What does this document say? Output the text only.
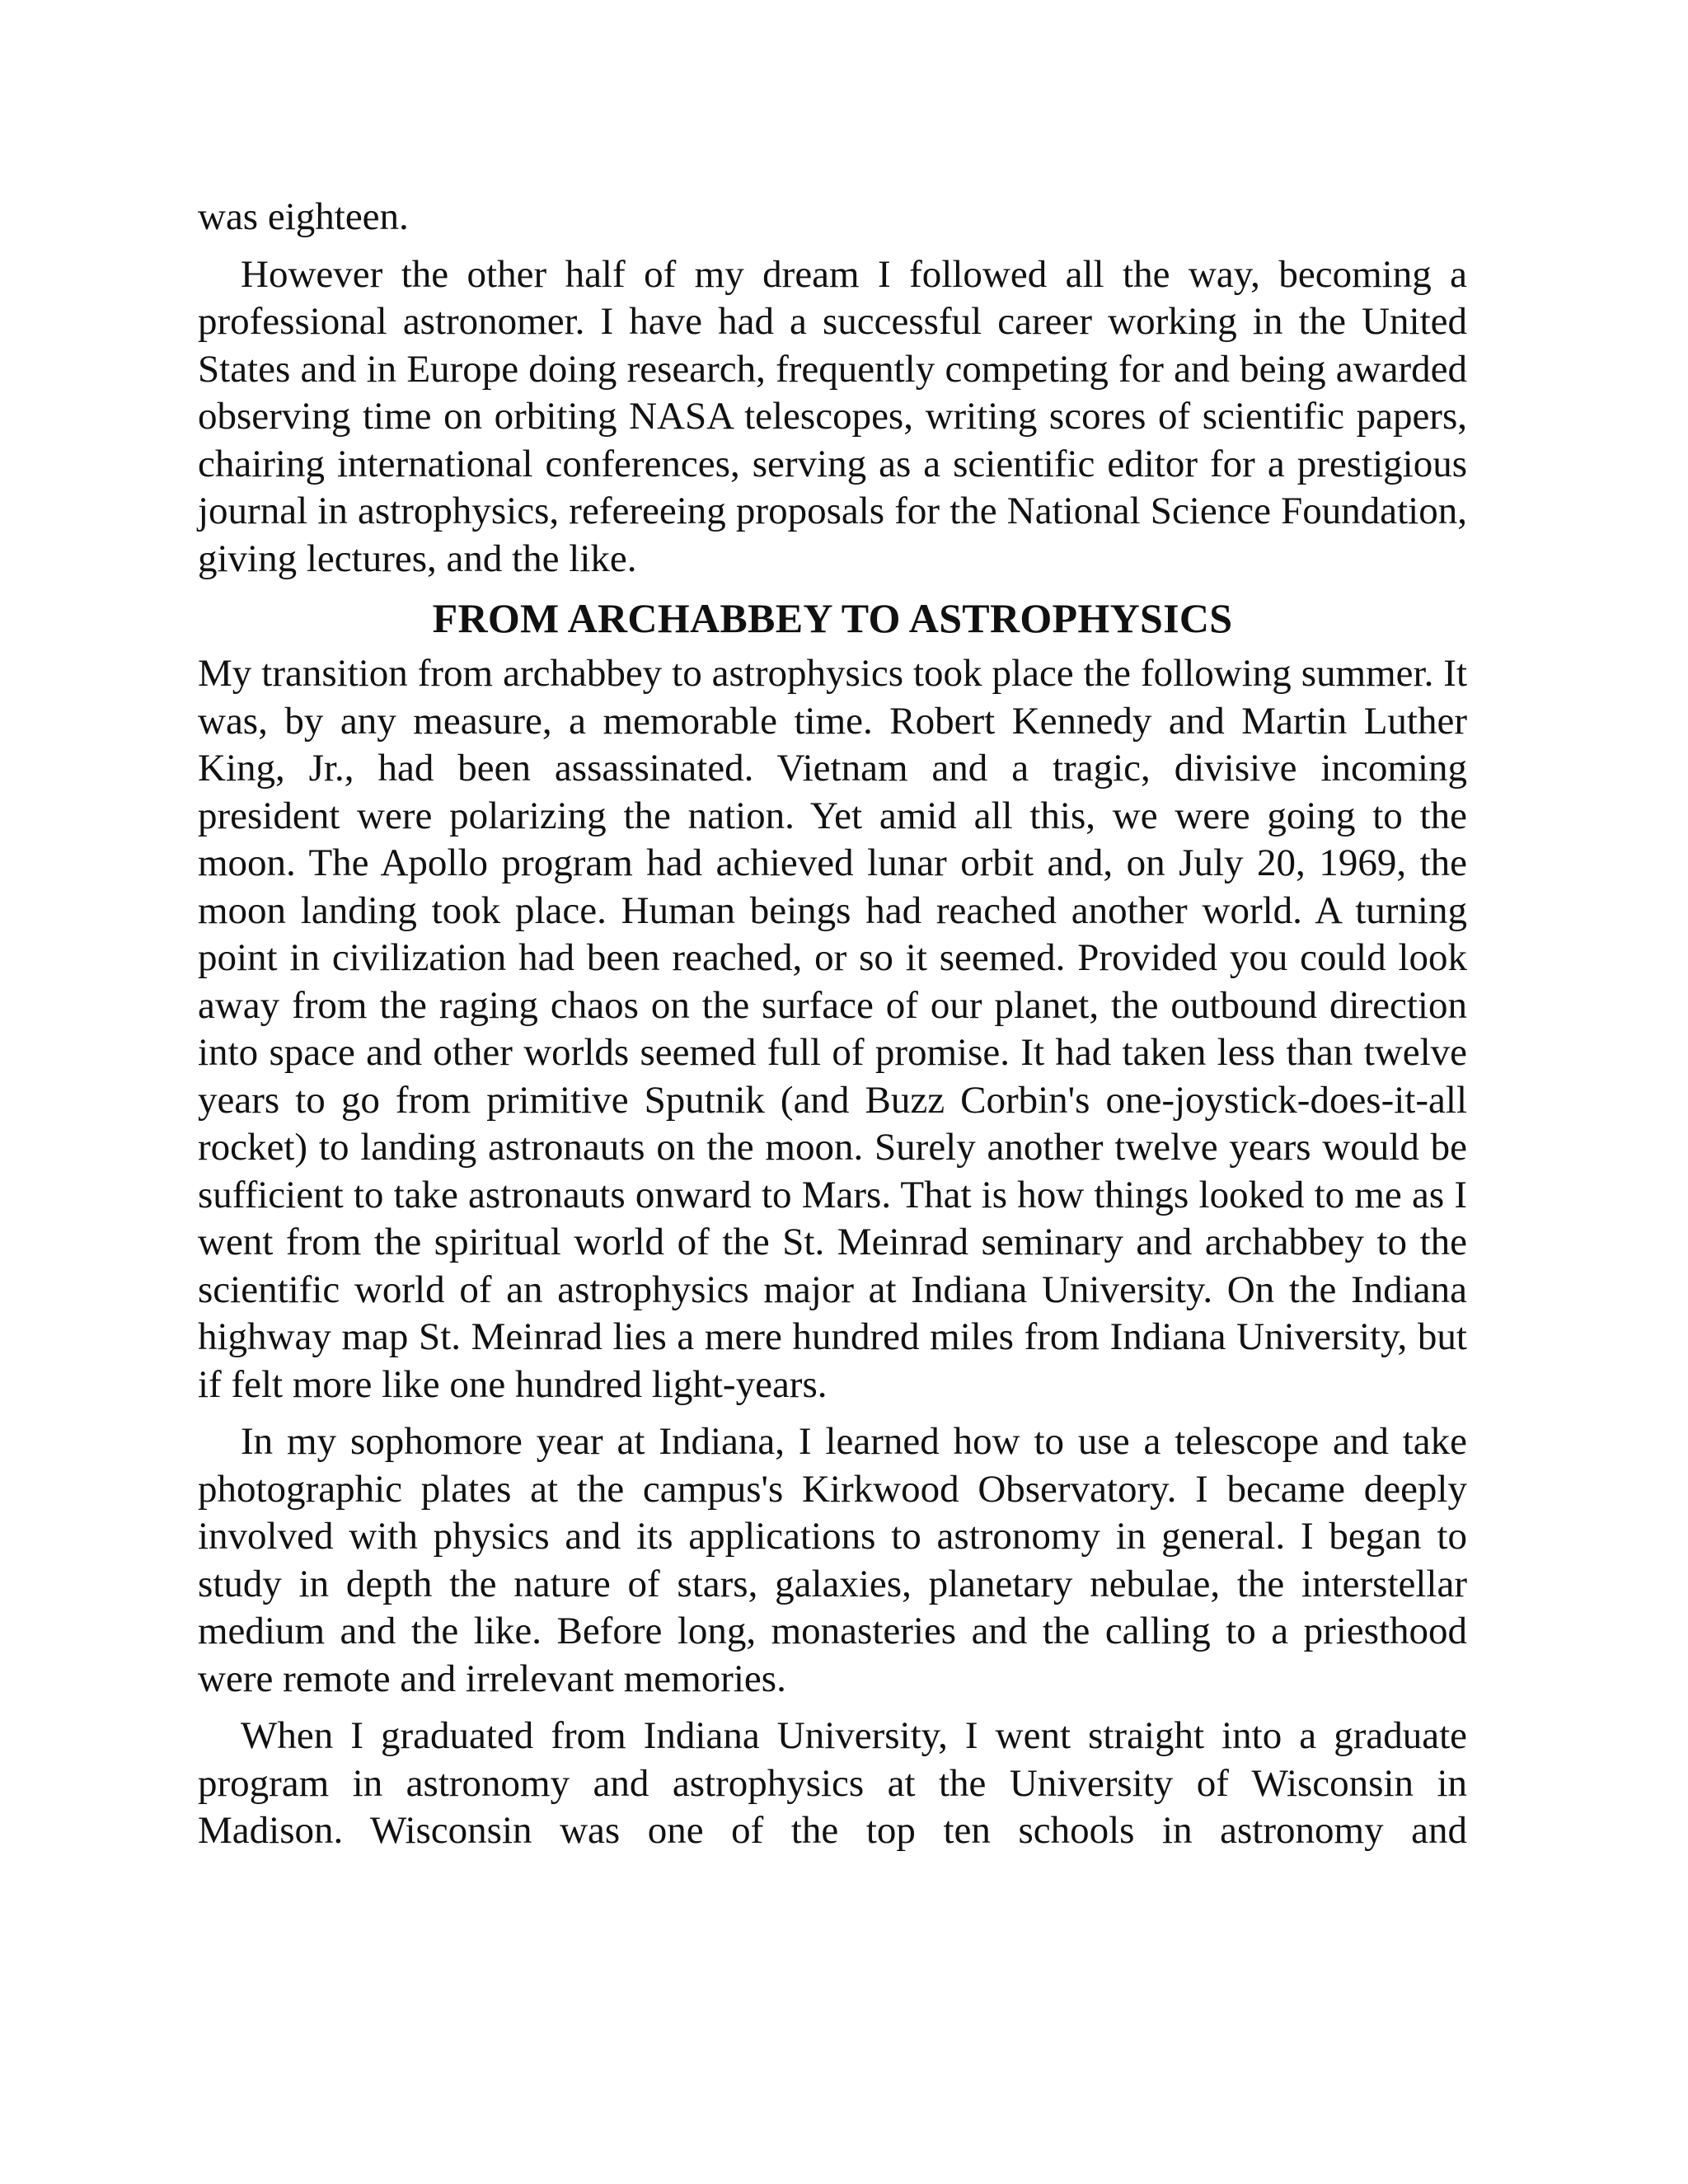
was eighteen.

However the other half of my dream I followed all the way, becoming a professional astronomer. I have had a successful career working in the United States and in Europe doing research, frequently competing for and being awarded observing time on orbiting NASA telescopes, writing scores of scientific papers, chairing international conferences, serving as a scientific editor for a prestigious journal in astrophysics, refereeing proposals for the National Science Foundation, giving lectures, and the like.

FROM ARCHABBEY TO ASTROPHYSICS

My transition from archabbey to astrophysics took place the following summer. It was, by any measure, a memorable time. Robert Kennedy and Martin Luther King, Jr., had been assassinated. Vietnam and a tragic, divisive incoming president were polarizing the nation. Yet amid all this, we were going to the moon. The Apollo program had achieved lunar orbit and, on July 20, 1969, the moon landing took place. Human beings had reached another world. A turning point in civilization had been reached, or so it seemed. Provided you could look away from the raging chaos on the surface of our planet, the outbound direction into space and other worlds seemed full of promise. It had taken less than twelve years to go from primitive Sputnik (and Buzz Corbin's one-joystick-does-it-all rocket) to landing astronauts on the moon. Surely another twelve years would be sufficient to take astronauts onward to Mars. That is how things looked to me as I went from the spiritual world of the St. Meinrad seminary and archabbey to the scientific world of an astrophysics major at Indiana University. On the Indiana highway map St. Meinrad lies a mere hundred miles from Indiana University, but if felt more like one hundred light-years.

In my sophomore year at Indiana, I learned how to use a telescope and take photographic plates at the campus's Kirkwood Observatory. I became deeply involved with physics and its applications to astronomy in general. I began to study in depth the nature of stars, galaxies, planetary nebulae, the interstellar medium and the like. Before long, monasteries and the calling to a priesthood were remote and irrelevant memories.

When I graduated from Indiana University, I went straight into a graduate program in astronomy and astrophysics at the University of Wisconsin in Madison. Wisconsin was one of the top ten schools in astronomy and
